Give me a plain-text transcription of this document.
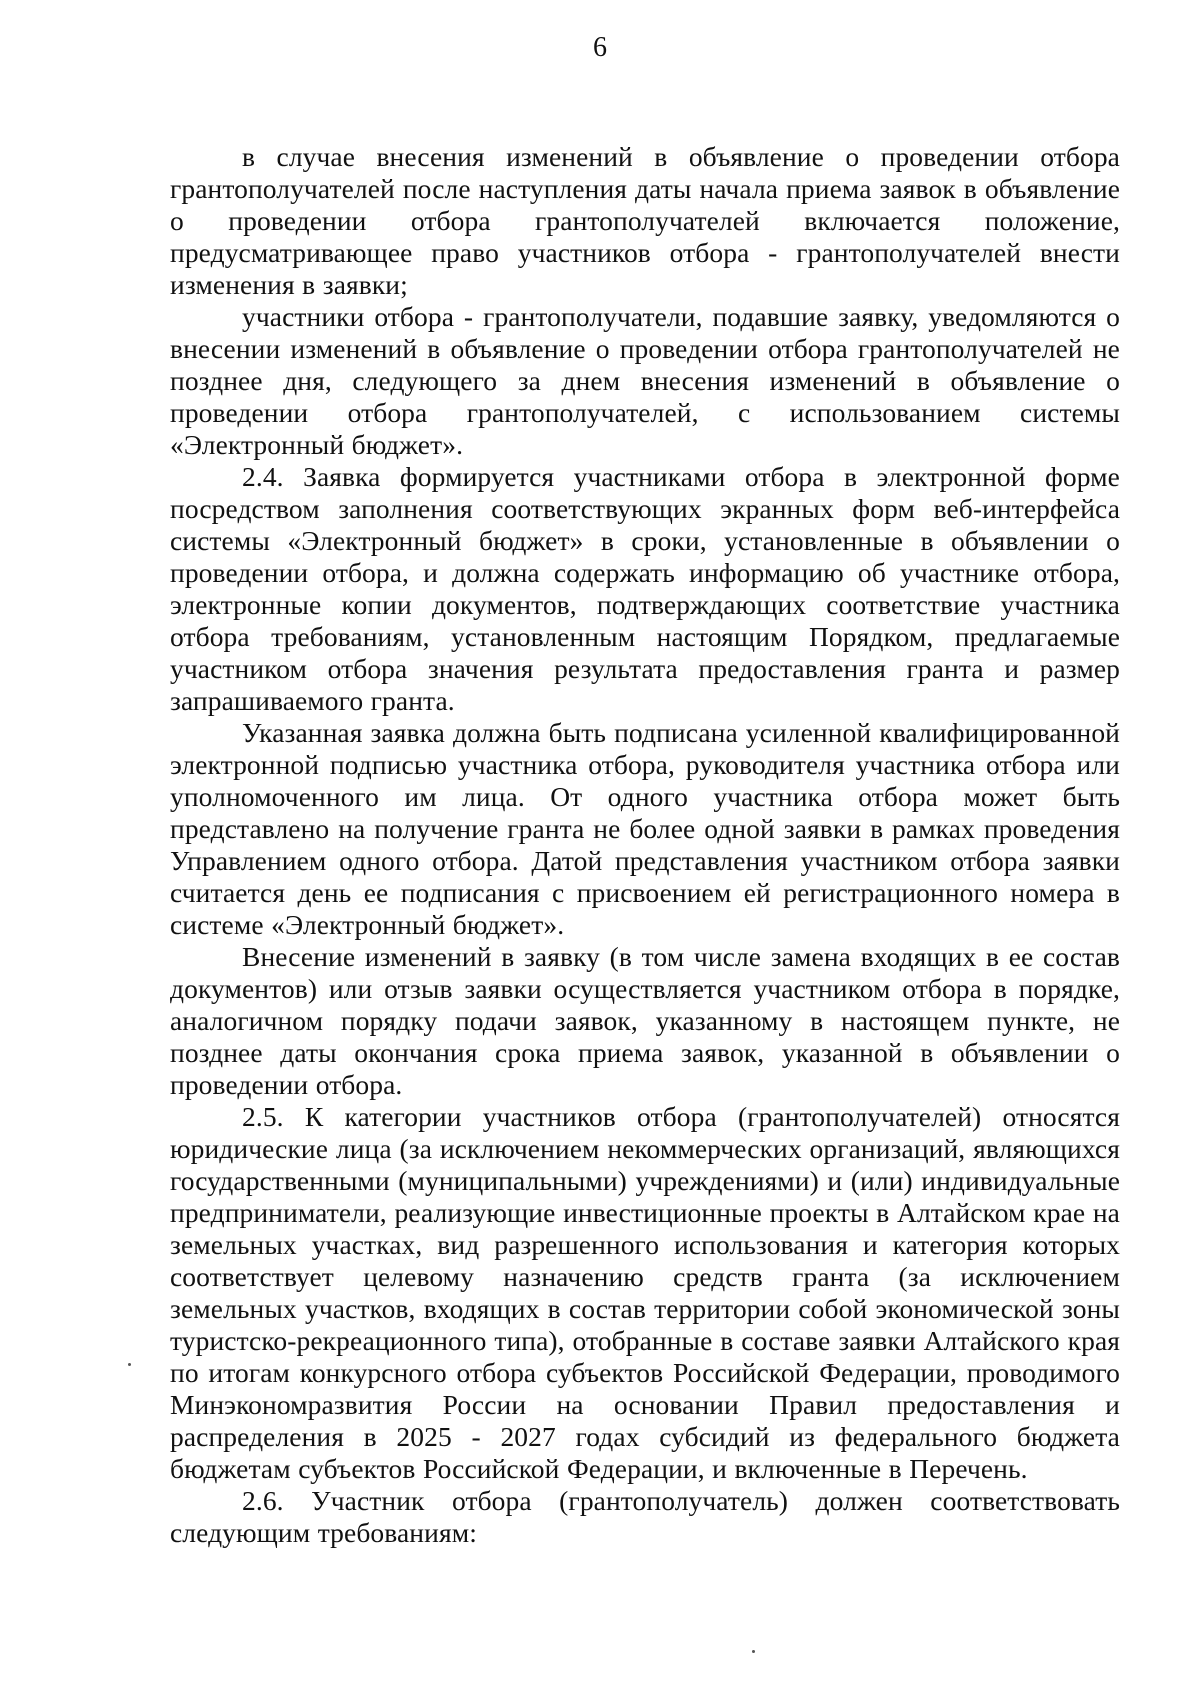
6

в случае внесения изменений в объявление о проведении отбора грантополучателей после наступления даты начала приема заявок в объявление о проведении отбора грантополучателей включается положение, предусматривающее право участников отбора - грантополучателей внести изменения в заявки;

участники отбора - грантополучатели, подавшие заявку, уведомляются о внесении изменений в объявление о проведении отбора грантополучателей не позднее дня, следующего за днем внесения изменений в объявление о проведении отбора грантополучателей, с использованием системы «Электронный бюджет».

2.4. Заявка формируется участниками отбора в электронной форме посредством заполнения соответствующих экранных форм веб-интерфейса системы «Электронный бюджет» в сроки, установленные в объявлении о проведении отбора, и должна содержать информацию об участнике отбора, электронные копии документов, подтверждающих соответствие участника отбора требованиям, установленным настоящим Порядком, предлагаемые участником отбора значения результата предоставления гранта и размер запрашиваемого гранта.

Указанная заявка должна быть подписана усиленной квалифицированной электронной подписью участника отбора, руководителя участника отбора или уполномоченного им лица. От одного участника отбора может быть представлено на получение гранта не более одной заявки в рамках проведения Управлением одного отбора. Датой представления участником отбора заявки считается день ее подписания с присвоением ей регистрационного номера в системе «Электронный бюджет».

Внесение изменений в заявку (в том числе замена входящих в ее состав документов) или отзыв заявки осуществляется участником отбора в порядке, аналогичном порядку подачи заявок, указанному в настоящем пункте, не позднее даты окончания срока приема заявок, указанной в объявлении о проведении отбора.

2.5. К категории участников отбора (грантополучателей) относятся юридические лица (за исключением некоммерческих организаций, являющихся государственными (муниципальными) учреждениями) и (или) индивидуальные предприниматели, реализующие инвестиционные проекты в Алтайском крае на земельных участках, вид разрешенного использования и категория которых соответствует целевому назначению средств гранта (за исключением земельных участков, входящих в состав территории собой экономической зоны туристско-рекреационного типа), отобранные в составе заявки Алтайского края по итогам конкурсного отбора субъектов Российской Федерации, проводимого Минэкономразвития России на основании Правил предоставления и распределения в 2025 - 2027 годах субсидий из федерального бюджета бюджетам субъектов Российской Федерации, и включенные в Перечень.

2.6. Участник отбора (грантополучатель) должен соответствовать следующим требованиям:
